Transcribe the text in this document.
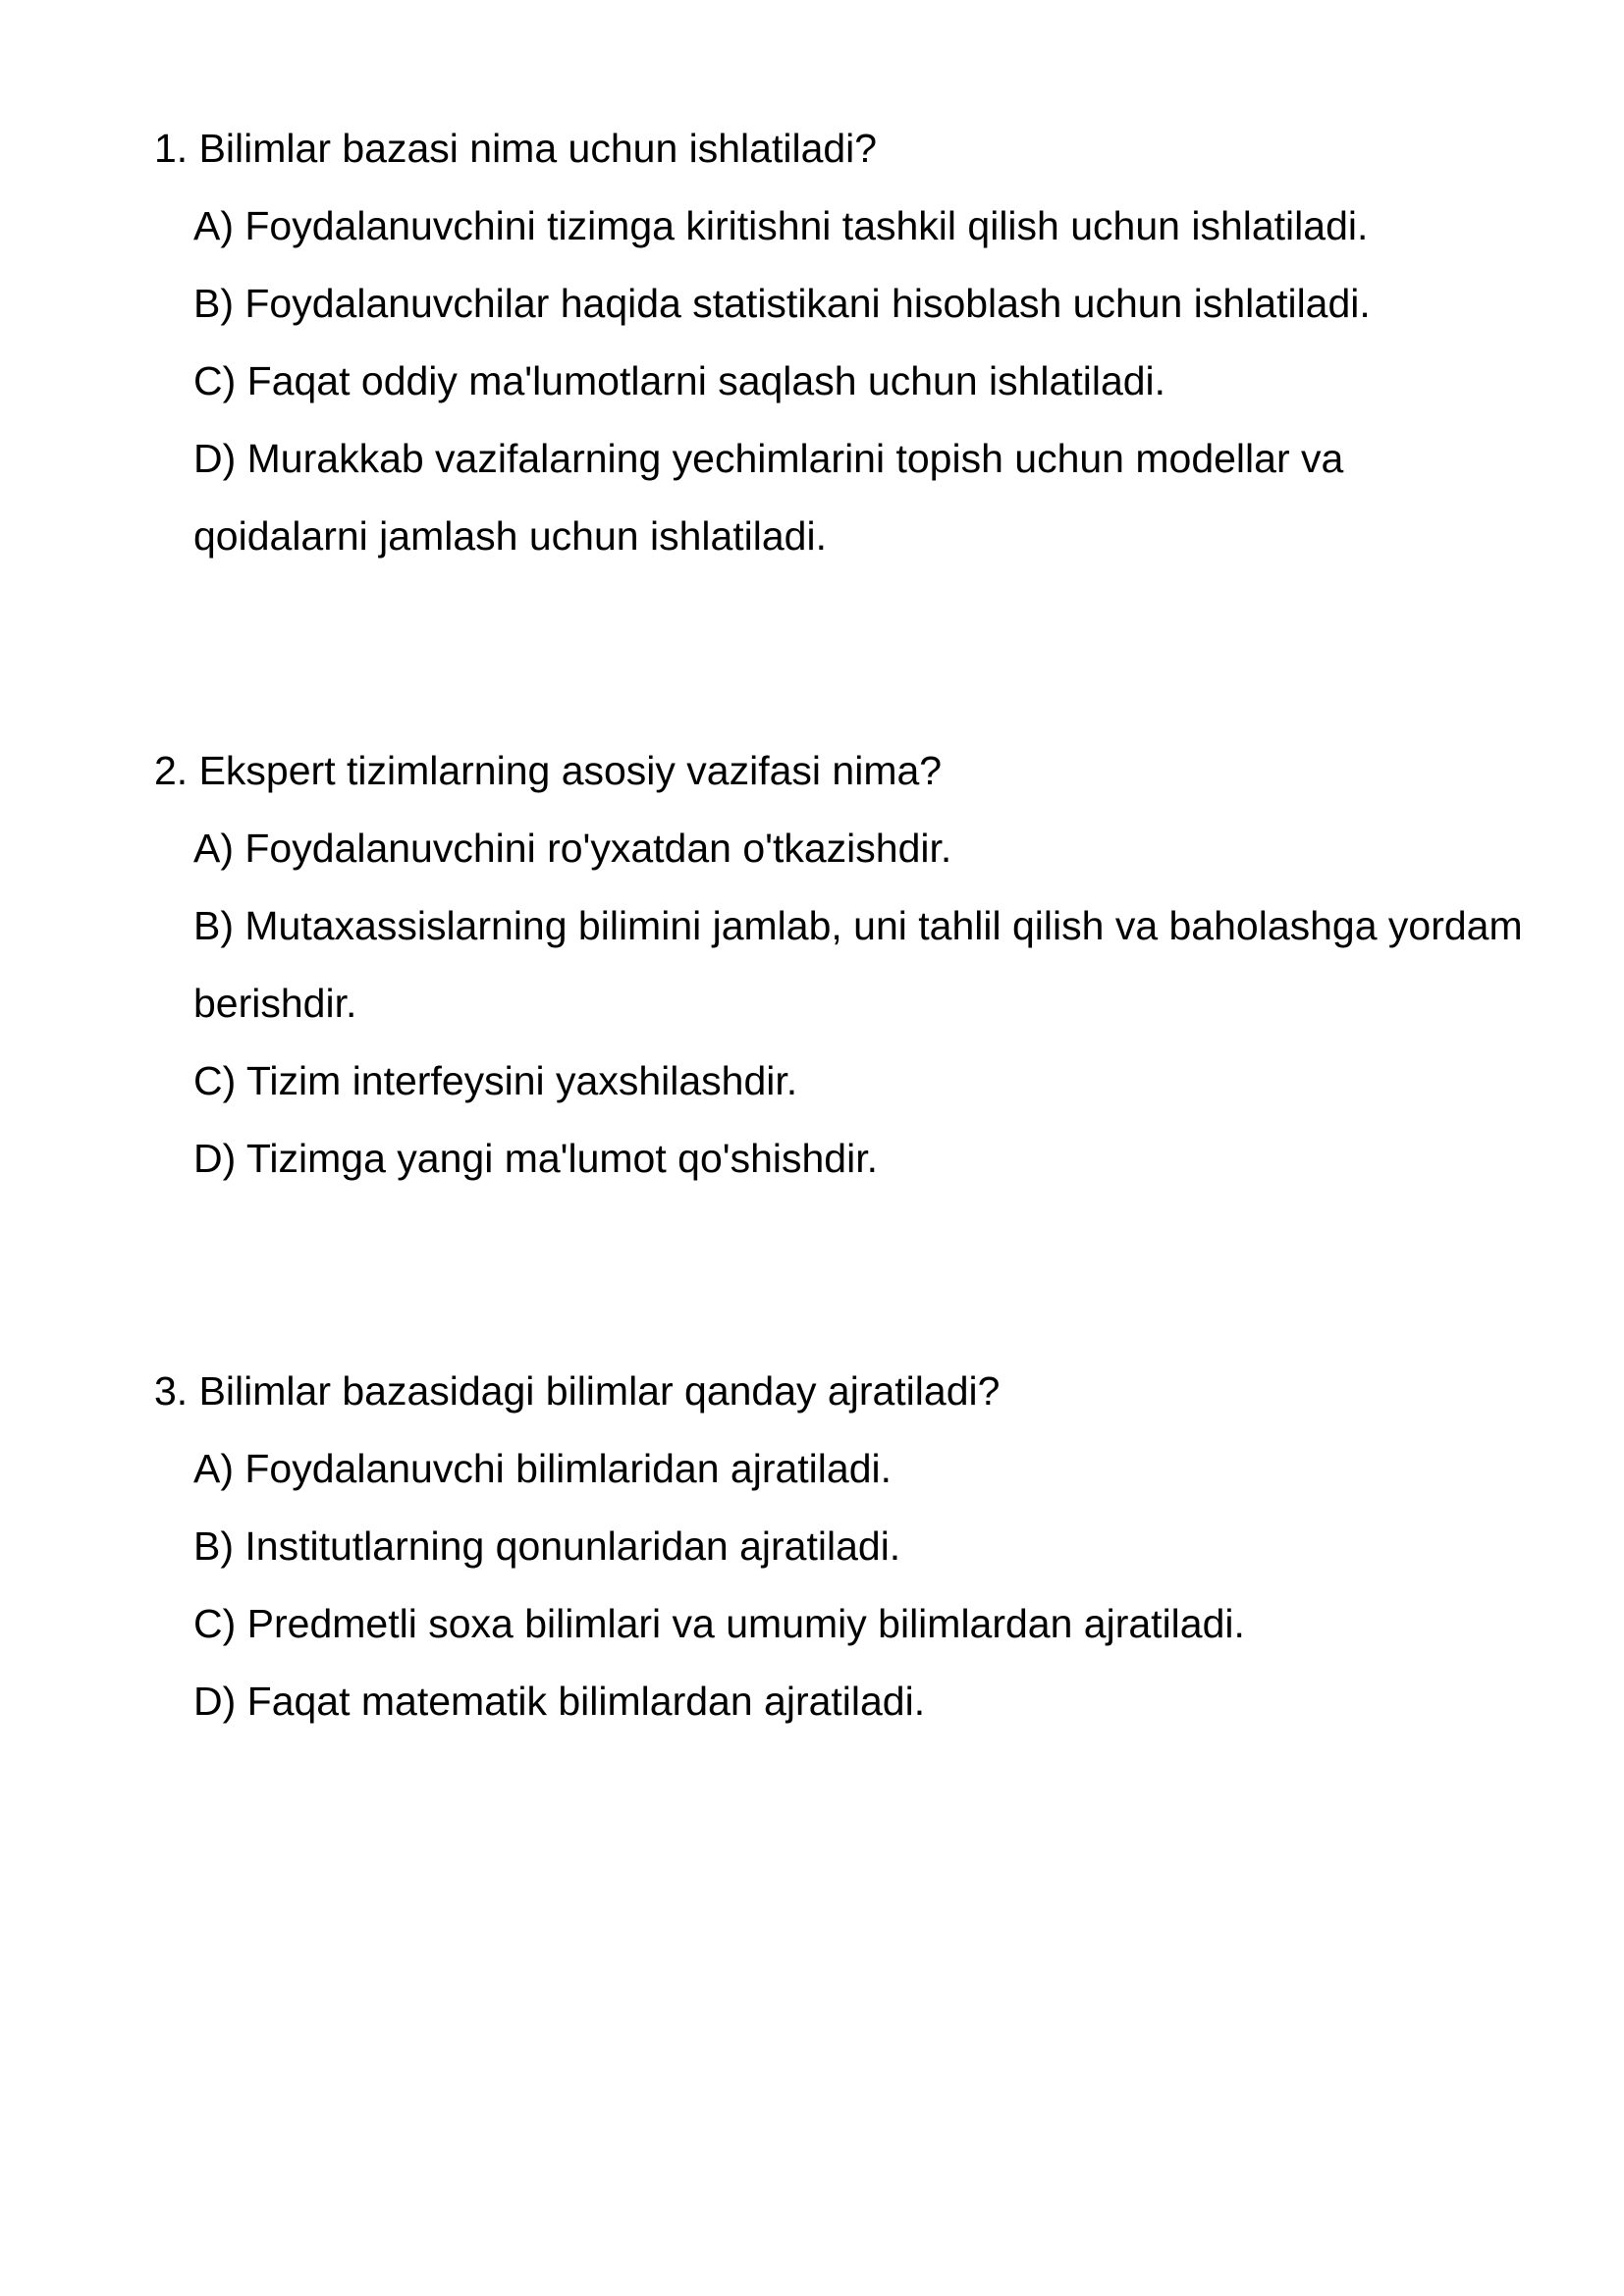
1. Bilimlar bazasi nima uchun ishlatiladi?

A) Foydalanuvchini tizimga kiritishni tashkil qilish uchun ishlatiladi.

B) Foydalanuvchilar haqida statistikani hisoblash uchun ishlatiladi.

C) Faqat oddiy ma'lumotlarni saqlash uchun ishlatiladi.

D) Murakkab vazifalarning yechimlarini topish uchun modellar va qoidalarni jamlash uchun ishlatiladi.

2. Ekspert tizimlarning asosiy vazifasi nima?

A) Foydalanuvchini ro'yxatdan o'tkazishdir.

B) Mutaxassislarning bilimini jamlab, uni tahlil qilish va baholashga yordam berishdir.

C) Tizim interfeysini yaxshilashdir.

D) Tizimga yangi ma'lumot qo'shishdir.

3. Bilimlar bazasidagi bilimlar qanday ajratiladi?

A) Foydalanuvchi bilimlaridan ajratiladi.

B) Institutlarning qonunlaridan ajratiladi.

C) Predmetli soxa bilimlari va umumiy bilimlardan ajratiladi.

D) Faqat matematik bilimlardan ajratiladi.
